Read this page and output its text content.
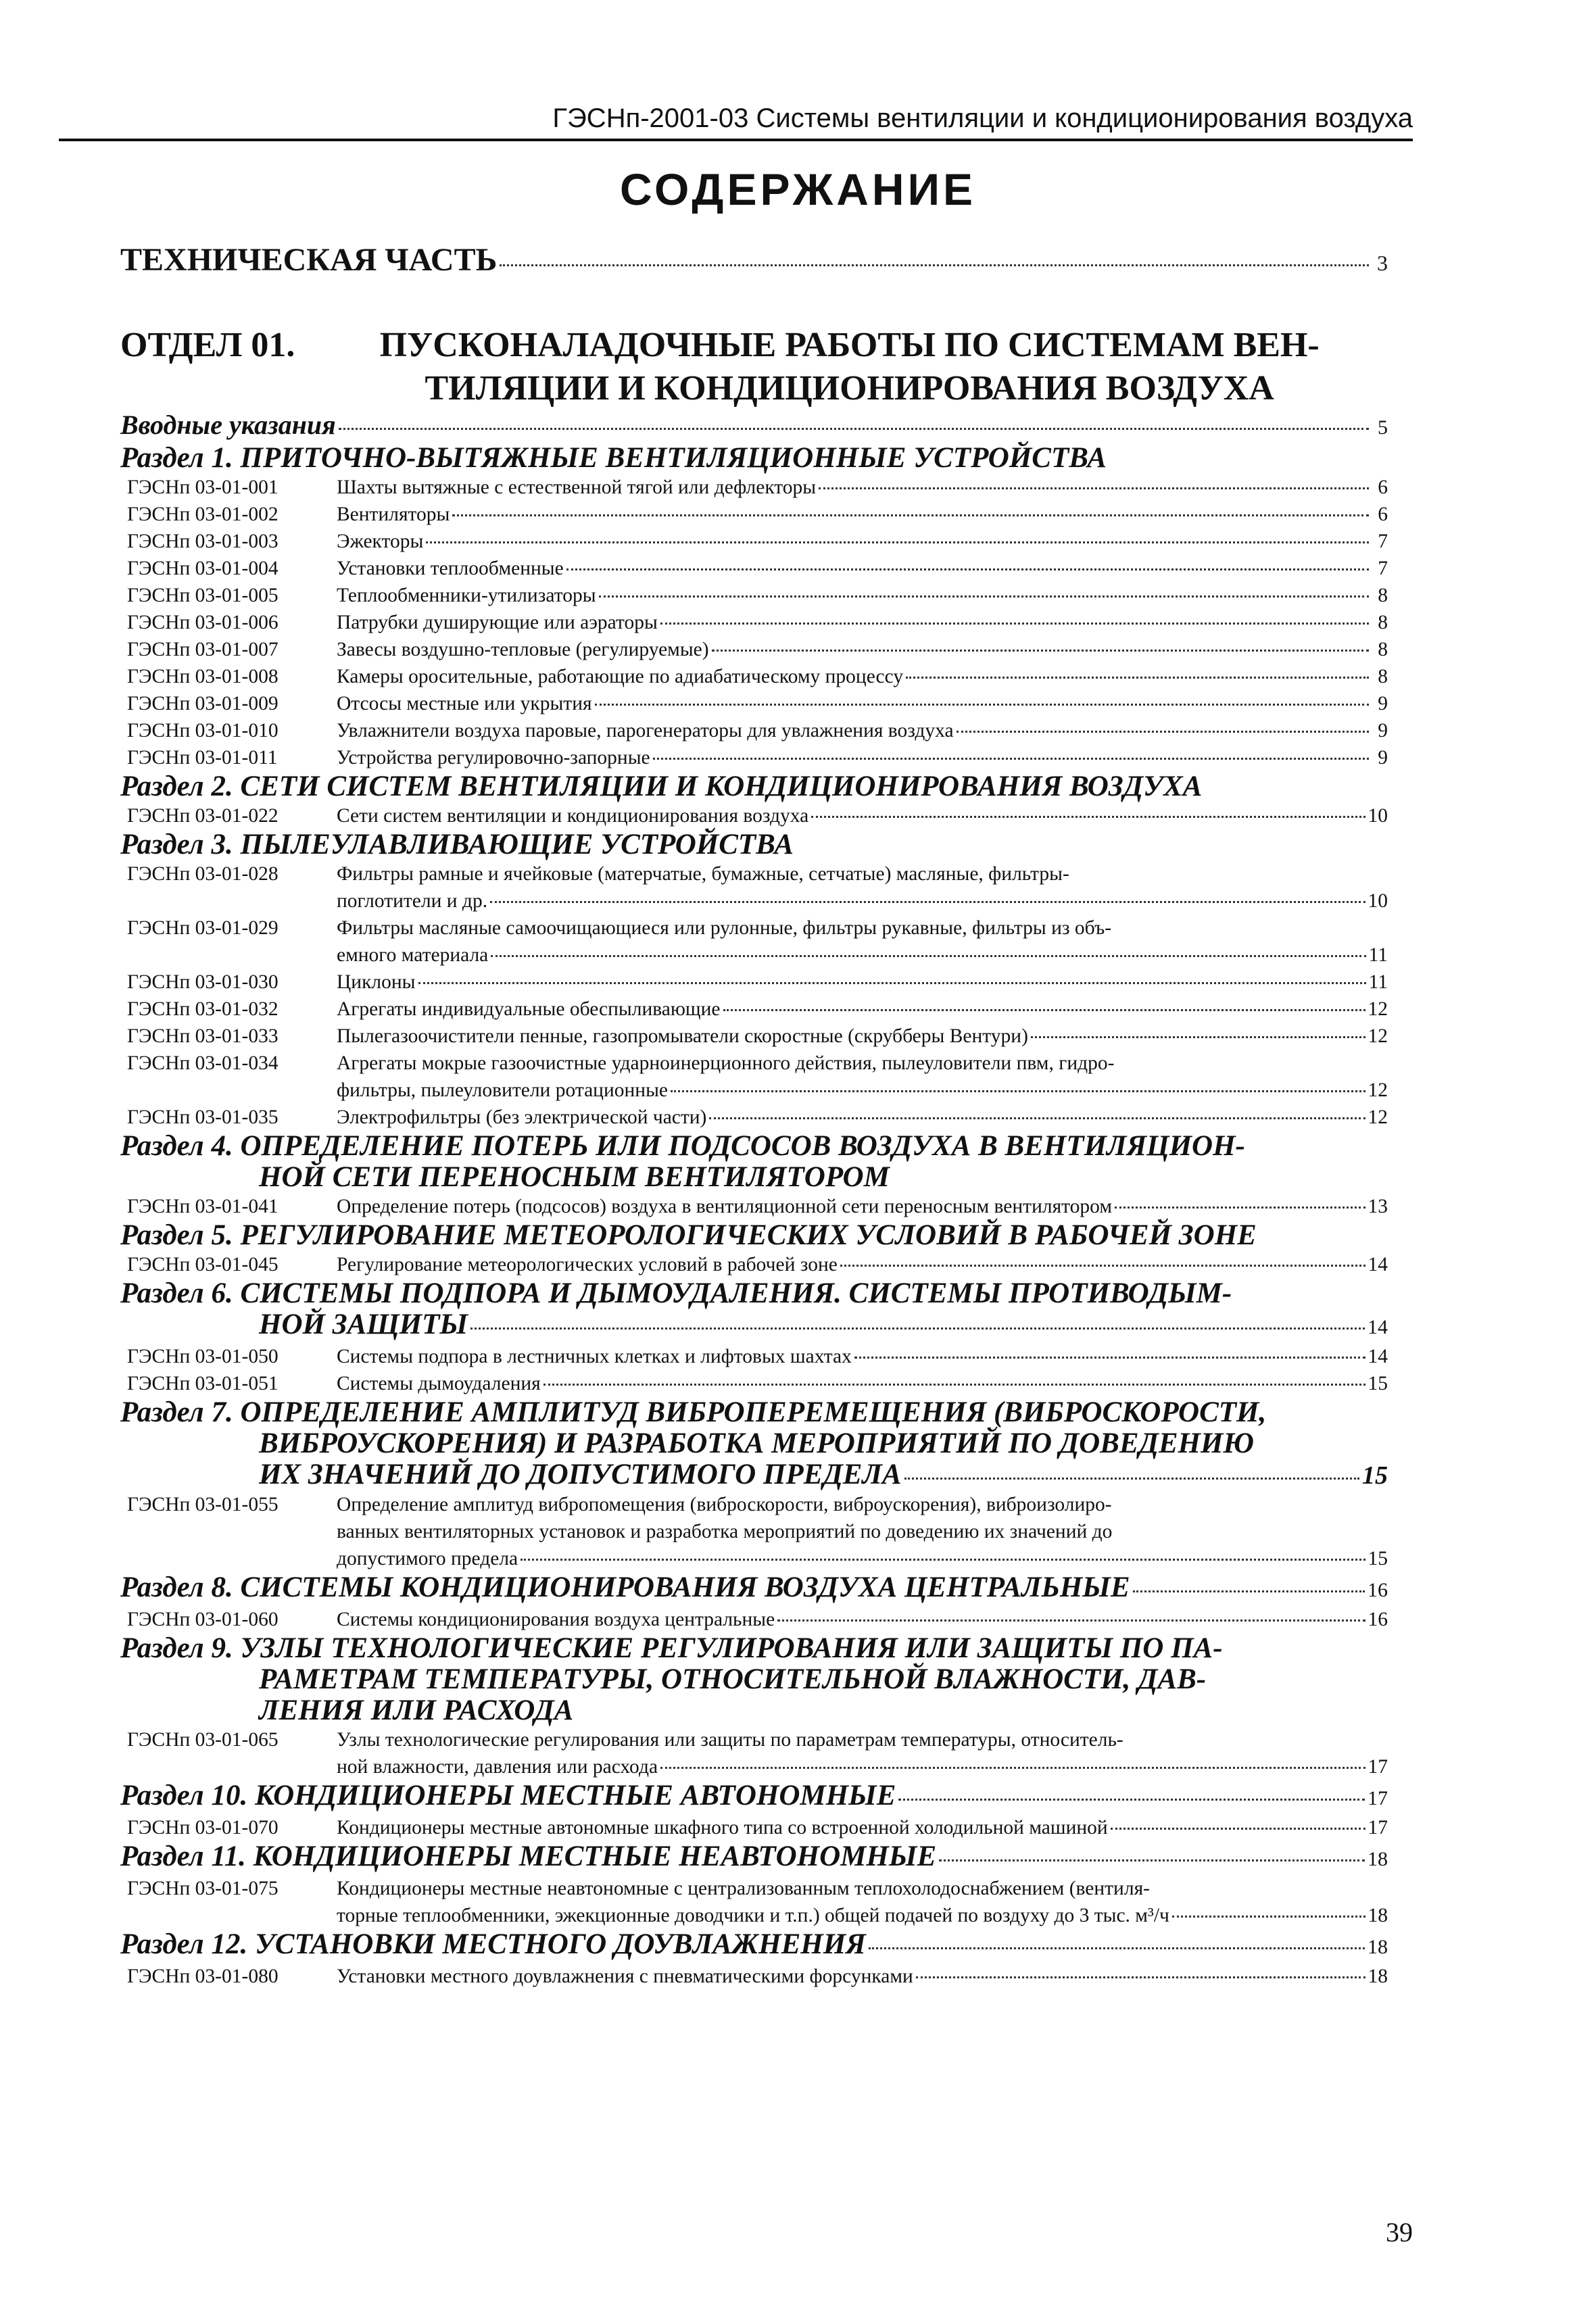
ГЭСНп-2001-03 Системы вентиляции и кондиционирования воздуха
СОДЕРЖАНИЕ
ТЕХНИЧЕСКАЯ ЧАСТЬ	3
ОТДЕЛ 01.	ПУСКОНАЛАДОЧНЫЕ РАБОТЫ ПО СИСТЕМАМ ВЕН-
ТИЛЯЦИИ И КОНДИЦИОНИРОВАНИЯ ВОЗДУХА
Вводные указания	5
Раздел 1. ПРИТОЧНО-ВЫТЯЖНЫЕ ВЕНТИЛЯЦИОННЫЕ УСТРОЙСТВА
ГЭСНп 03-01-001	Шахты вытяжные с естественной тягой или дефлекторы	6
ГЭСНп 03-01-002	Вентиляторы	6
ГЭСНп 03-01-003	Эжекторы	7
ГЭСНп 03-01-004	Установки теплообменные	7
ГЭСНп 03-01-005	Теплообменники-утилизаторы	8
ГЭСНп 03-01-006	Патрубки душирующие или аэраторы	8
ГЭСНп 03-01-007	Завесы воздушно-тепловые (регулируемые)	8
ГЭСНп 03-01-008	Камеры оросительные, работающие по адиабатическому процессу	8
ГЭСНп 03-01-009	Отсосы местные или укрытия	9
ГЭСНп 03-01-010	Увлажнители воздуха паровые, парогенераторы для увлажнения воздуха	9
ГЭСНп 03-01-011	Устройства регулировочно-запорные	9
Раздел 2. СЕТИ СИСТЕМ ВЕНТИЛЯЦИИ И КОНДИЦИОНИРОВАНИЯ ВОЗДУХА
ГЭСНп 03-01-022	Сети систем вентиляции и кондиционирования воздуха	10
Раздел 3. ПЫЛЕУЛАВЛИВАЮЩИЕ УСТРОЙСТВА
ГЭСНп 03-01-028	Фильтры рамные и ячейковые (матерчатые, бумажные, сетчатые) масляные, фильтры-
поглотители и др.	10
ГЭСНп 03-01-029	Фильтры масляные самоочищающиеся или рулонные, фильтры рукавные, фильтры из объ-
емного материала	11
ГЭСНп 03-01-030	Циклоны	11
ГЭСНп 03-01-032	Агрегаты индивидуальные обеспыливающие	12
ГЭСНп 03-01-033	Пылегазоочистители пенные, газопромыватели скоростные (скрубберы Вентури)	12
ГЭСНп 03-01-034	Агрегаты мокрые газоочистные ударноинерционного действия, пылеуловители пвм, гидро-
фильтры, пылеуловители ротационные	12
ГЭСНп 03-01-035	Электрофильтры (без электрической части)	12
Раздел 4. ОПРЕДЕЛЕНИЕ ПОТЕРЬ ИЛИ ПОДСОСОВ ВОЗДУХА В ВЕНТИЛЯЦИОН-
НОЙ СЕТИ ПЕРЕНОСНЫМ ВЕНТИЛЯТОРОМ
ГЭСНп 03-01-041	Определение потерь (подсосов) воздуха в вентиляционной сети переносным вентилятором	13
Раздел 5. РЕГУЛИРОВАНИЕ МЕТЕОРОЛОГИЧЕСКИХ УСЛОВИЙ В РАБОЧЕЙ ЗОНЕ
ГЭСНп 03-01-045	Регулирование метеорологических условий в рабочей зоне	14
Раздел 6. СИСТЕМЫ ПОДПОРА И ДЫМОУДАЛЕНИЯ. СИСТЕМЫ ПРОТИВОДЫМ-
НОЙ ЗАЩИТЫ	14
ГЭСНп 03-01-050	Системы подпора в лестничных клетках и лифтовых шахтах	14
ГЭСНп 03-01-051	Системы дымоудаления	15
Раздел 7. ОПРЕДЕЛЕНИЕ АМПЛИТУД ВИБРОПЕРЕМЕЩЕНИЯ (ВИБРОСКОРОСТИ,
ВИБРОУСКОРЕНИЯ) И РАЗРАБОТКА МЕРОПРИЯТИЙ ПО ДОВЕДЕНИЮ
ИХ ЗНАЧЕНИЙ ДО ДОПУСТИМОГО ПРЕДЕЛА	15
ГЭСНп 03-01-055	Определение амплитуд вибропомещения (виброскорости, виброускорения), виброизолиро-
ванных вентиляторных установок и разработка мероприятий по доведению их значений до
допустимого предела	15
Раздел 8. СИСТЕМЫ КОНДИЦИОНИРОВАНИЯ ВОЗДУХА ЦЕНТРАЛЬНЫЕ	16
ГЭСНп 03-01-060	Системы кондиционирования воздуха центральные	16
Раздел 9. УЗЛЫ ТЕХНОЛОГИЧЕСКИЕ РЕГУЛИРОВАНИЯ ИЛИ ЗАЩИТЫ ПО ПА-
РАМЕТРАМ ТЕМПЕРАТУРЫ, ОТНОСИТЕЛЬНОЙ ВЛАЖНОСТИ, ДАВ-
ЛЕНИЯ ИЛИ РАСХОДА
ГЭСНп 03-01-065	Узлы технологические регулирования или защиты по параметрам температуры, относитель-
ной влажности, давления или расхода	17
Раздел 10. КОНДИЦИОНЕРЫ МЕСТНЫЕ АВТОНОМНЫЕ	17
ГЭСНп 03-01-070	Кондиционеры местные автономные шкафного типа со встроенной холодильной машиной	17
Раздел 11. КОНДИЦИОНЕРЫ МЕСТНЫЕ НЕАВТОНОМНЫЕ	18
ГЭСНп 03-01-075	Кондиционеры местные неавтономные с централизованным теплохолодоснабжением (вентиля-
торные теплообменники, эжекционные доводчики и т.п.) общей подачей по воздуху до 3 тыс. м³/ч	18
Раздел 12. УСТАНОВКИ МЕСТНОГО ДОУВЛАЖНЕНИЯ	18
ГЭСНп 03-01-080	Установки местного доувлажнения с пневматическими форсунками	18
39
